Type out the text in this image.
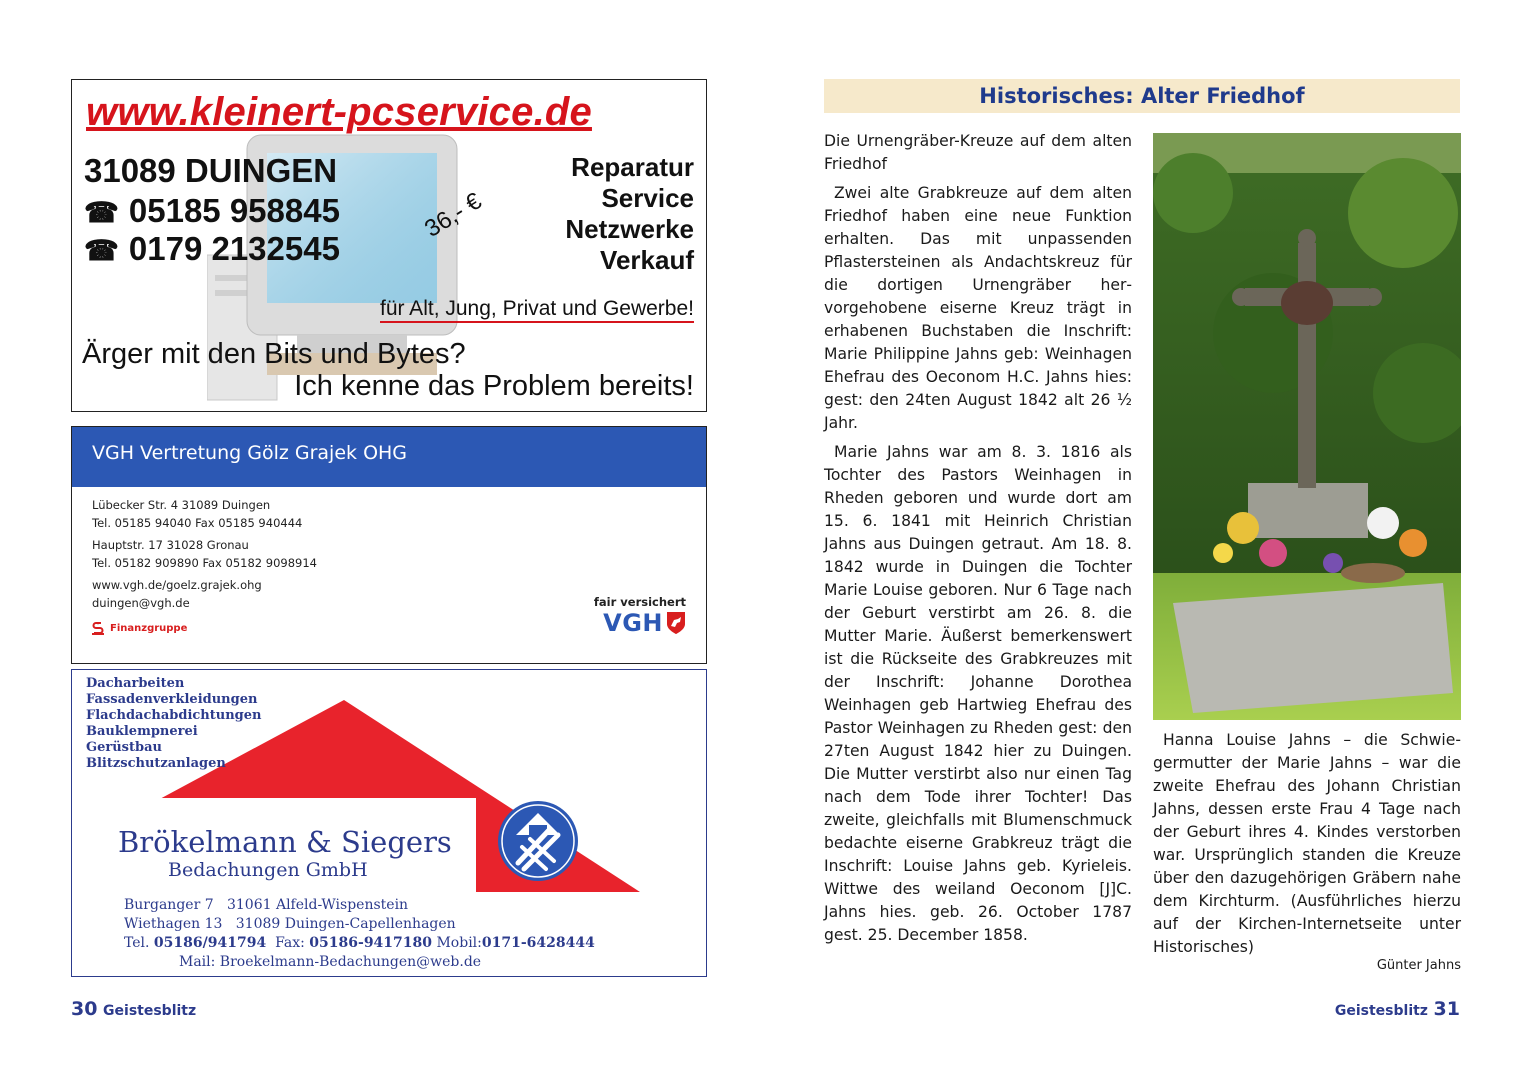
www.kleinert-pcservice.de
31089 DUINGEN
☎ 05185 958845
☎ 0179 2132545
Reparatur
Service
Netzwerke
Verkauf
36,- €
für Alt, Jung, Privat und Gewerbe!
Ärger mit den Bits und Bytes?
Ich kenne das Problem bereits!
VGH Vertretung Gölz Grajek OHG
Lübecker Str. 4 31089 Duingen
Tel. 05185 94040 Fax 05185 940444
Hauptstr. 17 31028 Gronau
Tel. 05182 909890 Fax 05182 9098914
www.vgh.de/goelz.grajek.ohg
duingen@vgh.de
Finanzgruppe
fair versichert
VGH
Dacharbeiten
Fassadenverkleidungen
Flachdachabdichtungen
Bauklempnerei
Gerüstbau
Blitzschutzanlagen
Brökelmann & Siegers
Bedachungen GmbH
Burganger 7   31061 Alfeld-Wispenstein
Wiethagen 13   31089 Duingen-Capellenhagen
Tel. 05186/941794 Fax: 05186-9417180 Mobil:0171-6428444
Mail: Broekelmann-Bedachungen@web.de
30 Geistesblitz
Historisches: Alter Friedhof

Die Urnengräber-Kreuze auf dem alten Friedhof

Zwei alte Grabkreuze auf dem alten Friedhof haben eine neue Funktion erhalten. Das mit unpassenden Pflastersteinen als Andachtskreuz für die dortigen Urnengräber hervorgehobene eiserne Kreuz trägt in erhabenen Buchstaben die Inschrift: Marie Philippine Jahns geb: Weinhagen Ehefrau des Oeconom H.C. Jahns hies: gest: den 24ten August 1842 alt 26 ½ Jahr.

Marie Jahns war am 8. 3. 1816 als Tochter des Pastors Weinhagen in Rheden geboren und wurde dort am 15. 6. 1841 mit Heinrich Christian Jahns aus Duingen getraut. Am 18. 8. 1842 wurde in Duingen die Tochter Marie Louise geboren. Nur 6 Tage nach der Geburt verstirbt am 26. 8. die Mutter Marie. Äußerst bemerkenswert ist die Rückseite des Grabkreuzes mit der Inschrift: Johanne Dorothea Weinhagen geb Hartwieg Ehefrau des Pastor Weinhagen zu Rheden gest: den 27ten August 1842 hier zu Duingen. Die Mutter verstirbt also nur einen Tag nach dem Tode ihrer Tochter! Das zweite, gleichfalls mit Blumenschmuck bedachte eiserne Grabkreuz trägt die Inschrift: Louise Jahns geb. Kyrieleis. Wittwe des weiland Oeconom [J]C. Jahns hies. geb. 26. October 1787 gest. 25. December 1858.

Hanna Louise Jahns – die Schwiegermutter der Marie Jahns – war die zweite Ehefrau des Johann Christian Jahns, dessen erste Frau 4 Tage nach der Geburt ihres 4. Kindes verstorben war. Ursprünglich standen die Kreuze über den dazugehörigen Gräbern nahe dem Kirchturm. (Ausführliches hierzu auf der Kirchen-Internetseite unter Historisches)

Günter Jahns
Geistesblitz 31
